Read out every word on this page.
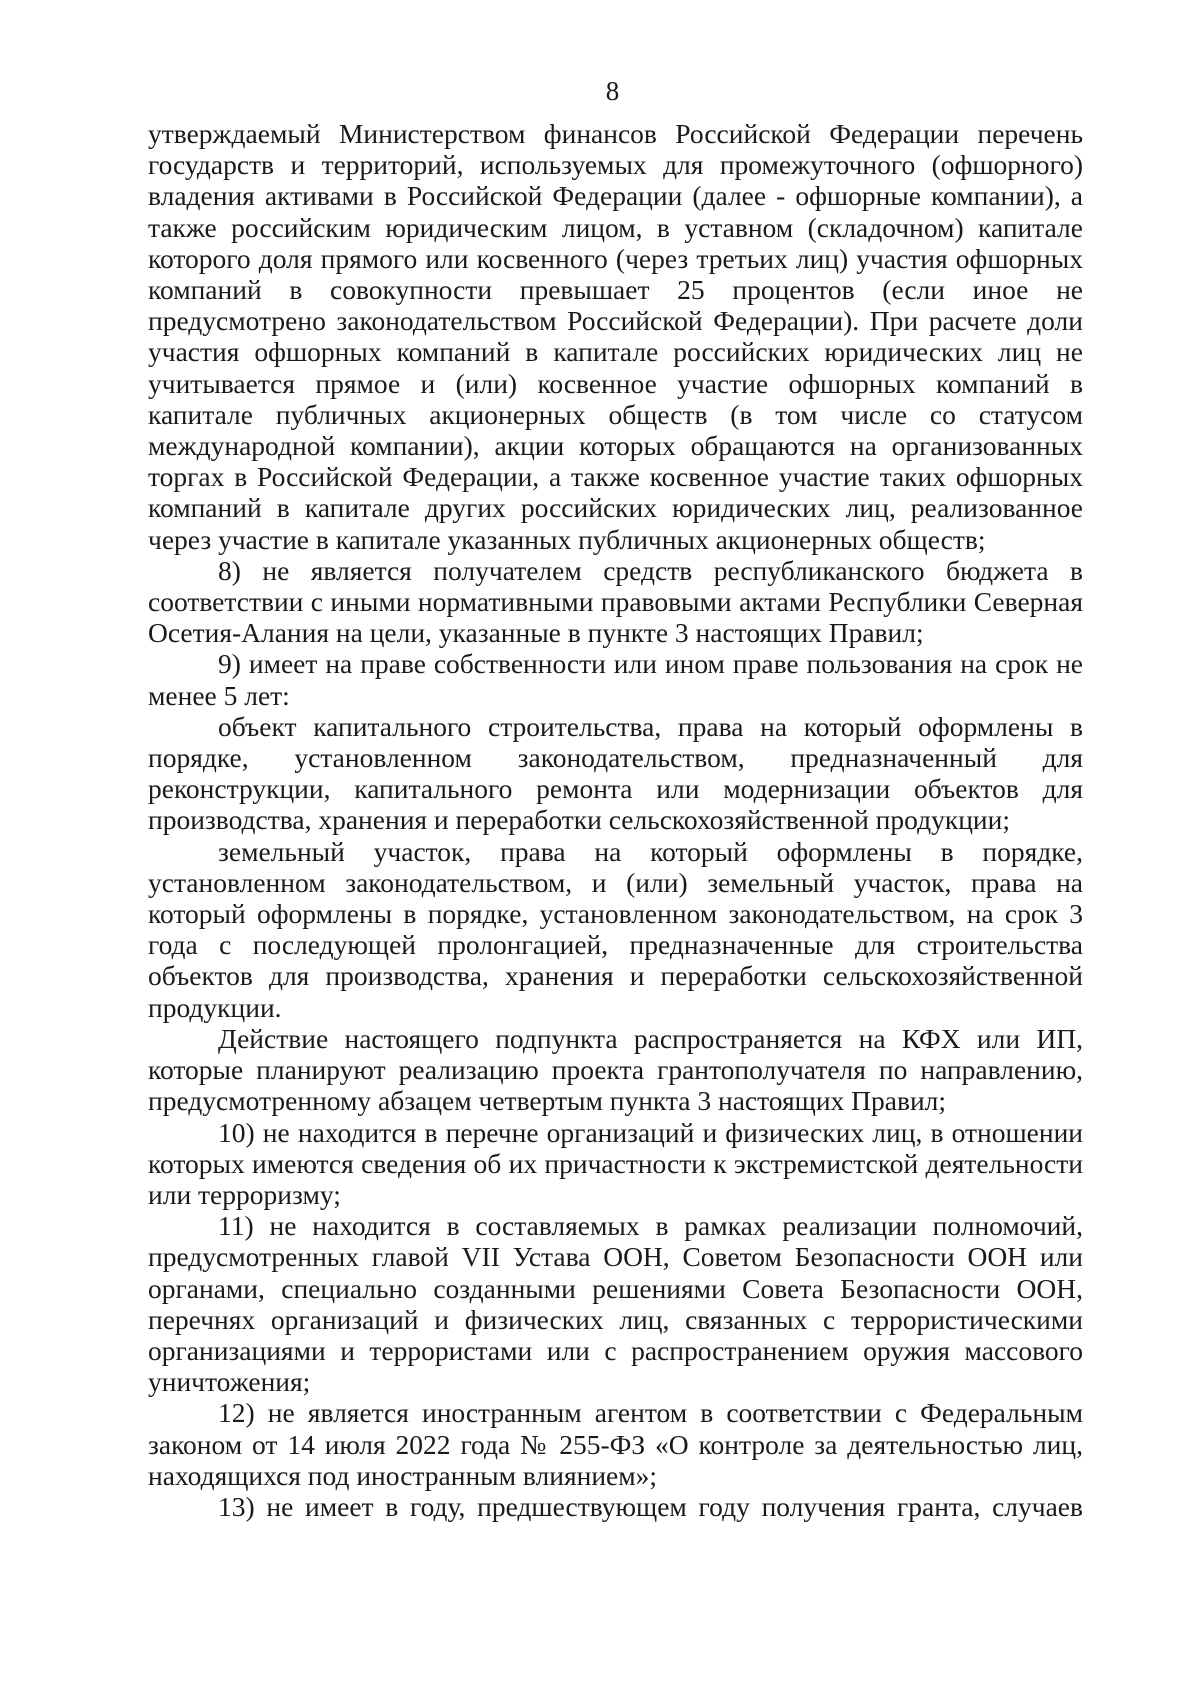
8

утверждаемый Министерством финансов Российской Федерации перечень государств и территорий, используемых для промежуточного (офшорного) владения активами в Российской Федерации (далее - офшорные компании), а также российским юридическим лицом, в уставном (складочном) капитале которого доля прямого или косвенного (через третьих лиц) участия офшорных компаний в совокупности превышает 25 процентов (если иное не предусмотрено законодательством Российской Федерации). При расчете доли участия офшорных компаний в капитале российских юридических лиц не учитывается прямое и (или) косвенное участие офшорных компаний в капитале публичных акционерных обществ (в том числе со статусом международной компании), акции которых обращаются на организованных торгах в Российской Федерации, а также косвенное участие таких офшорных компаний в капитале других российских юридических лиц, реализованное через участие в капитале указанных публичных акционерных обществ;

8) не является получателем средств республиканского бюджета в соответствии с иными нормативными правовыми актами Республики Северная Осетия-Алания на цели, указанные в пункте 3 настоящих Правил;

9) имеет на праве собственности или ином праве пользования на срок не менее 5 лет:

объект капитального строительства, права на который оформлены в порядке, установленном законодательством, предназначенный для реконструкции, капитального ремонта или модернизации объектов для производства, хранения и переработки сельскохозяйственной продукции;

земельный участок, права на который оформлены в порядке, установленном законодательством, и (или) земельный участок, права на который оформлены в порядке, установленном законодательством, на срок 3 года с последующей пролонгацией, предназначенные для строительства объектов для производства, хранения и переработки сельскохозяйственной продукции.

Действие настоящего подпункта распространяется на КФХ или ИП, которые планируют реализацию проекта грантополучателя по направлению, предусмотренному абзацем четвертым пункта 3 настоящих Правил;

10) не находится в перечне организаций и физических лиц, в отношении которых имеются сведения об их причастности к экстремистской деятельности или терроризму;

11) не находится в составляемых в рамках реализации полномочий, предусмотренных главой VII Устава ООН, Советом Безопасности ООН или органами, специально созданными решениями Совета Безопасности ООН, перечнях организаций и физических лиц, связанных с террористическими организациями и террористами или с распространением оружия массового уничтожения;

12) не является иностранным агентом в соответствии с Федеральным законом от 14 июля 2022 года № 255-ФЗ «О контроле за деятельностью лиц, находящихся под иностранным влиянием»;

13) не имеет в году, предшествующем году получения гранта, случаев
